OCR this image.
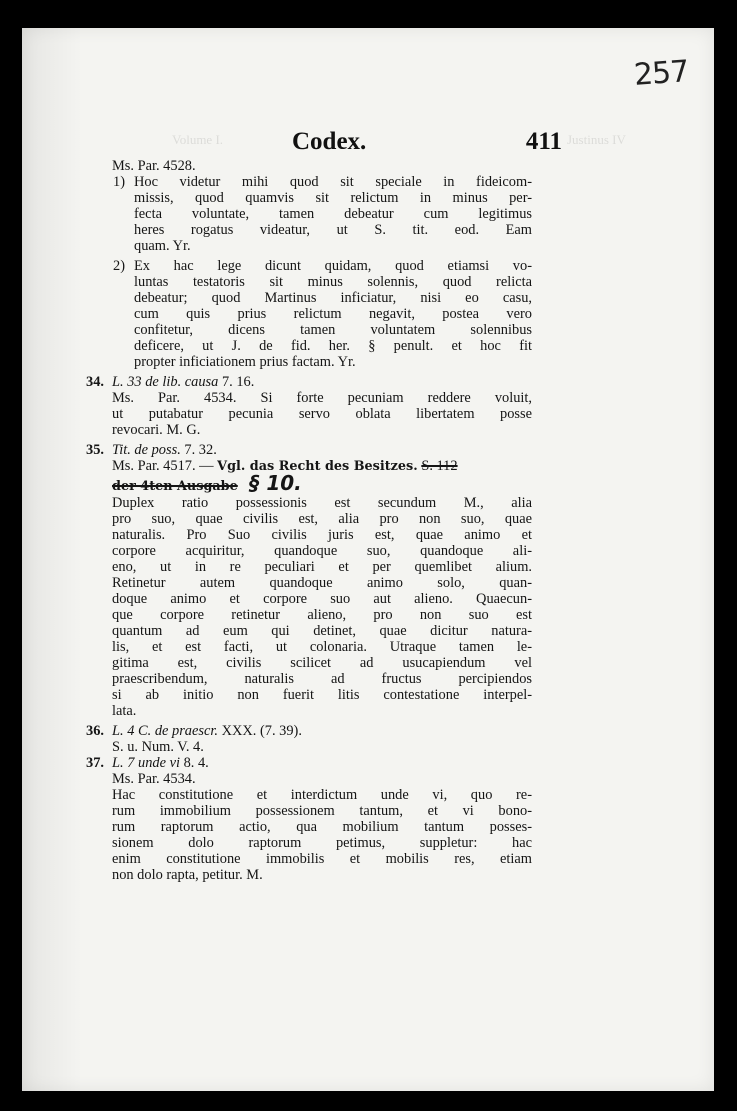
257
Volume I.	Justinus IV
Codex.	411
Ms. Par. 4528.
1) Hoc videtur mihi quod sit speciale in fideicom-
missis, quod quamvis sit relictum in minus per-
fecta voluntate, tamen debeatur cum legitimus
heres rogatus videatur, ut S. tit. eod. Eam
quam. Yr.
2) Ex hac lege dicunt quidam, quod etiamsi vo-
luntas testatoris sit minus solennis, quod relicta
debeatur; quod Martinus inficiatur, nisi eo casu,
cum quis prius relictum negavit, postea vero
confitetur, dicens tamen voluntatem solennibus
deficere, ut J. de fid. her. § penult. et hoc fit
propter inficiationem prius factam. Yr.
34. L. 33 de lib. causa 7. 16.
Ms. Par. 4534. Si forte pecuniam reddere voluit,
ut putabatur pecunia servo oblata libertatem posse
revocari. M. G.
35. Tit. de poss. 7. 32.
Ms. Par. 4517. — Vgl. das Recht des Besitzes. S. 112
der 4ten Ausgabe § 10.
Duplex ratio possessionis est secundum M., alia
pro suo, quae civilis est, alia pro non suo, quae
naturalis. Pro Suo civilis juris est, quae animo et
corpore acquiritur, quandoque suo, quandoque ali-
eno, ut in re peculiari et per quemlibet alium.
Retinetur autem quandoque animo solo, quan-
doque animo et corpore suo aut alieno. Quaecun-
que corpore retinetur alieno, pro non suo est
quantum ad eum qui detinet, quae dicitur natura-
lis, et est facti, ut colonaria. Utraque tamen le-
gitima est, civilis scilicet ad usucapiendum vel
praescribendum, naturalis ad fructus percipiendos
si ab initio non fuerit litis contestatione interpel-
lata.
36. L. 4 C. de praescr. XXX. (7. 39).
S. u. Num. V. 4.
37. L. 7 unde vi 8. 4.
Ms. Par. 4534.
Hac constitutione et interdictum unde vi, quo re-
rum immobilium possessionem tantum, et vi bono-
rum raptorum actio, qua mobilium tantum posses-
sionem dolo raptorum petimus, suppletur: hac
enim constitutione immobilis et mobilis res, etiam
non dolo rapta, petitur. M.
